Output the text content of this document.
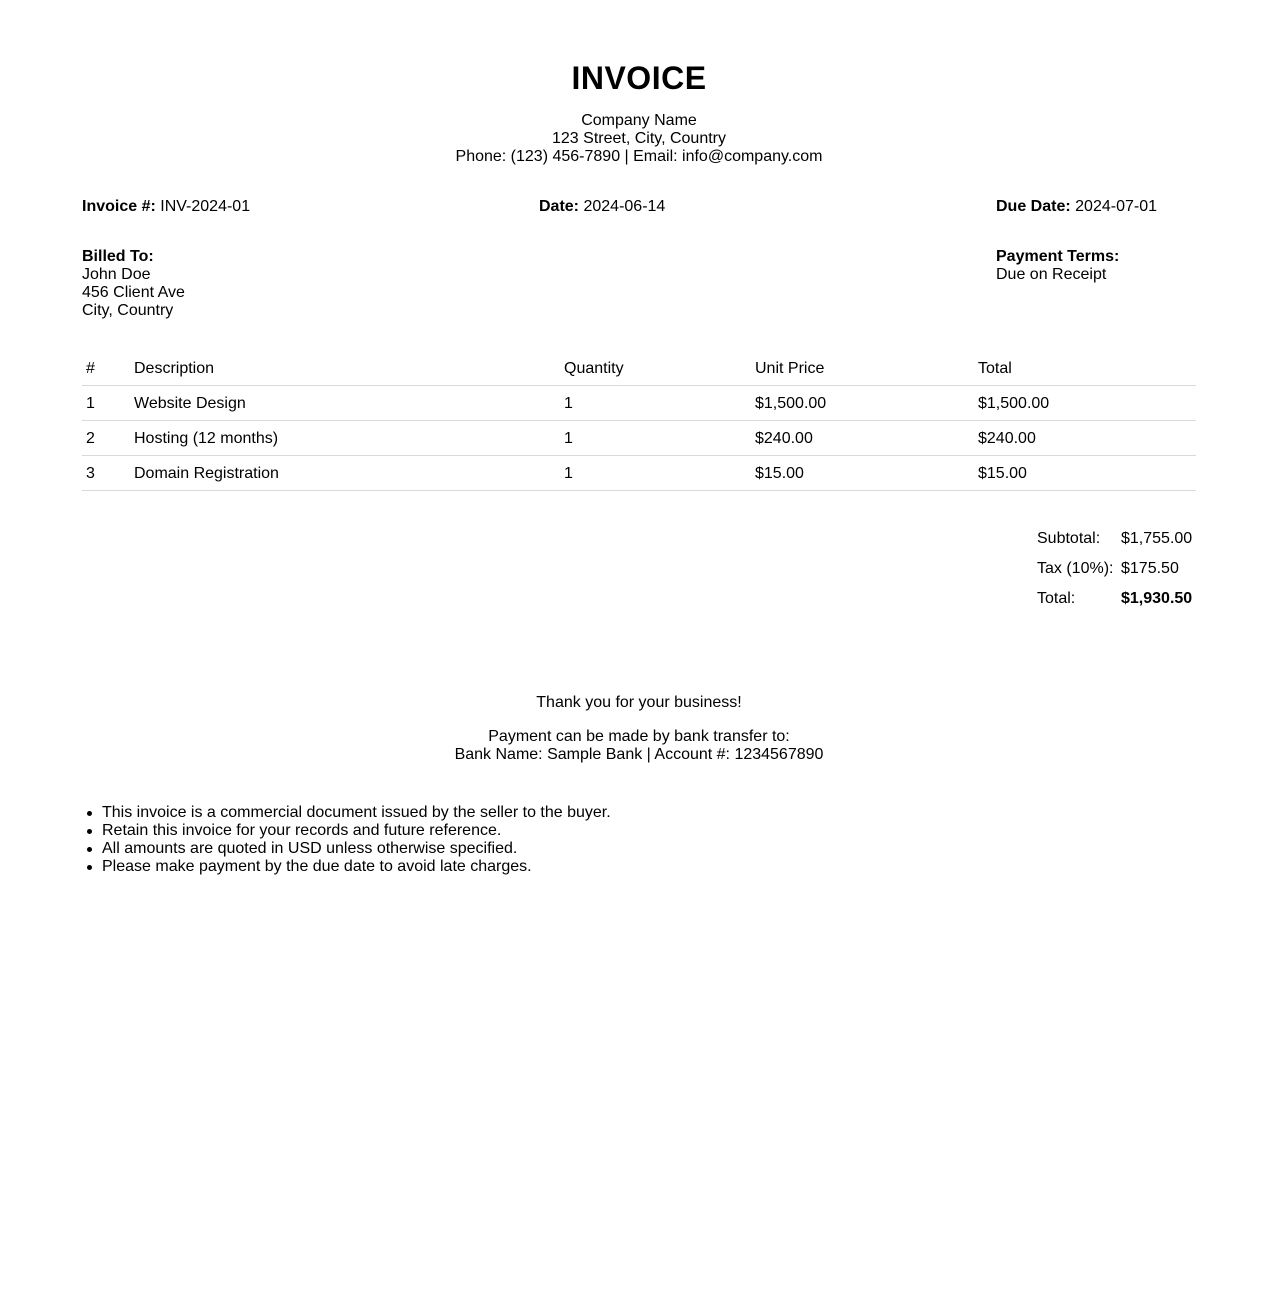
INVOICE
Company Name
123 Street, City, Country
Phone: (123) 456-7890 | Email: info@company.com
Invoice #: INV-2024-01	Date: 2024-06-14	Due Date: 2024-07-01
Billed To:
John Doe
456 Client Ave
City, Country
Payment Terms:
Due on Receipt
# Description	Quantity	Unit Price	Total
1 Website Design	1	$1,500.00	$1,500.00
2 Hosting (12 months)	1	$240.00	$240.00
3 Domain Registration	1	$15.00	$15.00
Subtotal: $1,755.00
Tax (10%): $175.50
Total:	$1,930.50
Thank you for your business!
Payment can be made by bank transfer to:
Bank Name: Sample Bank | Account #: 1234567890
This invoice is a commercial document issued by the seller to the buyer.
Retain this invoice for your records and future reference.
All amounts are quoted in USD unless otherwise specified.
Please make payment by the due date to avoid late charges.
